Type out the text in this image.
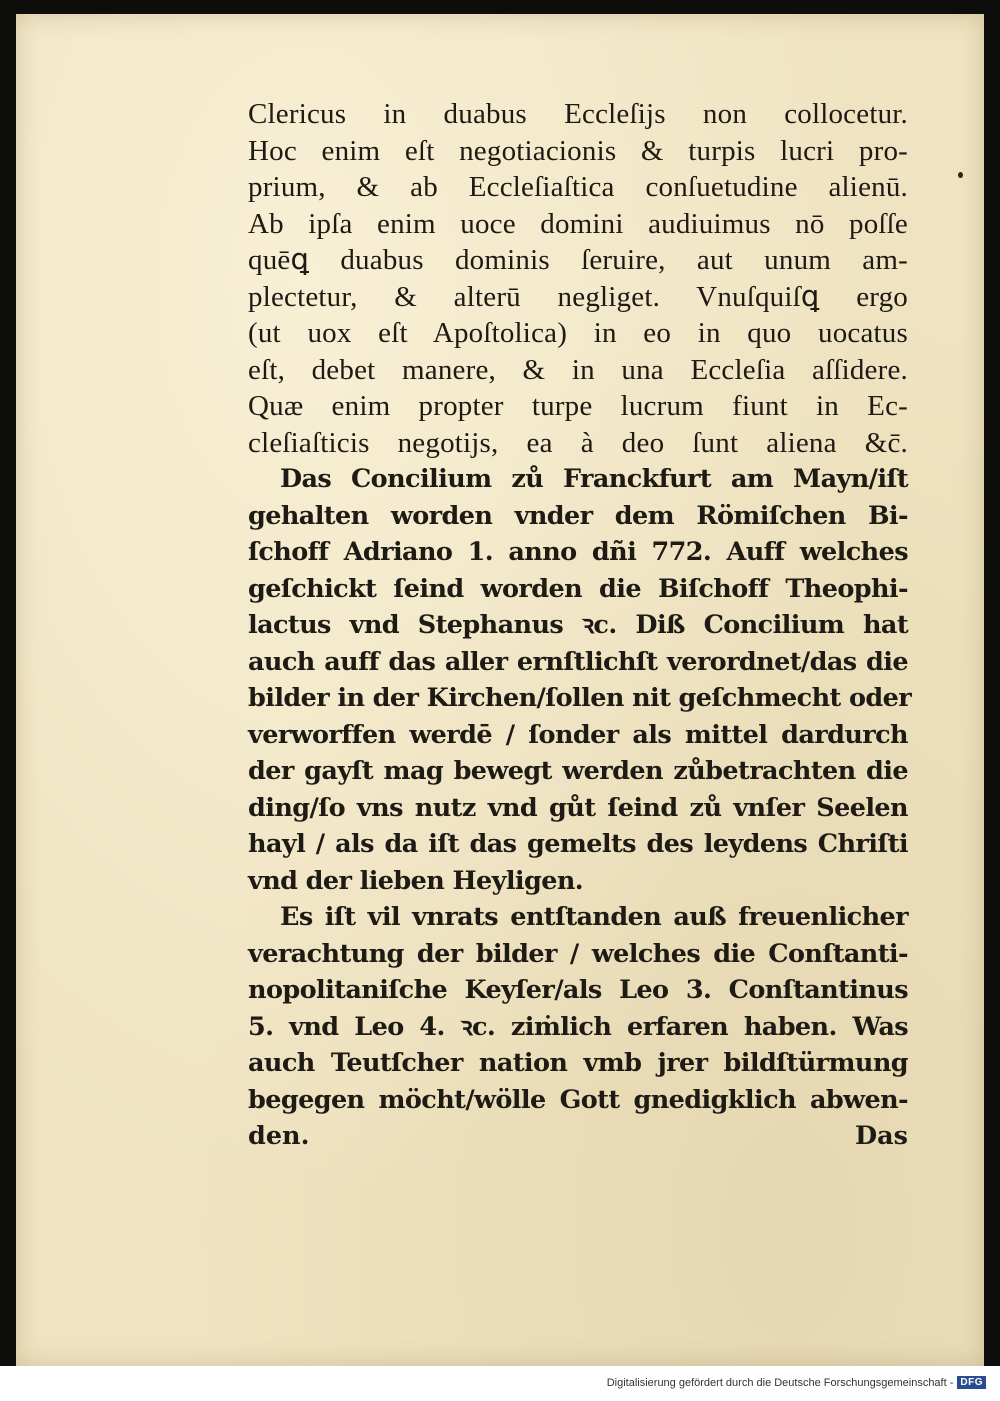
Clericus in duabus Eccleſijs non collocetur.
Hoc enim eſt negotiacionis & turpis lucri pro-
prium, & ab Eccleſiaſtica conſuetudine alienū.
Ab ipſa enim uoce domini audiuimus nō poſſe
quēꝗ duabus dominis ſeruire, aut unum am-
plectetur, & alterū negliget. Vnuſquiſꝗ ergo
(ut uox eſt Apoſtolica) in eo in quo uocatus
eſt, debet manere, & in una Eccleſia aſſidere.
Quæ enim propter turpe lucrum fiunt in Ec-
cleſiaſticis negotijs, ea à deo ſunt aliena &c̄.
Das Concilium zů Franckfurt am Mayn/iſt
gehalten worden vnder dem Römiſchen Bi-
ſchoff Adriano 1. anno dñi 772. Auff welches
geſchickt ſeind worden die Biſchoff Theophi-
lactus vnd Stephanus ꝛc. Diß Concilium hat
auch auff das aller ernſtlichſt verordnet/das die
bilder in der Kirchen/ſollen nit geſchmecht oder
verworffen werdē / ſonder als mittel dardurch
der gayſt mag bewegt werden zůbetrachten die
ding/ſo vns nutz vnd gůt ſeind zů vnſer Seelen
hayl / als da iſt das gemelts des leydens Chriſti
vnd der lieben Heyligen.
Es iſt vil vnrats entſtanden auß freuenlicher
verachtung der bilder / welches die Conſtanti-
nopolitaniſche Keyſer/als Leo 3. Conſtantinus
5. vnd Leo 4. ꝛc. ziṁlich erfaren haben. Was
auch Teutſcher nation vmb jrer bildſtürmung
begegen möcht/wölle Gott gnedigklich abwen-
den.	Das
Digitalisierung gefördert durch die Deutsche Forschungsgemeinschaft - DFG
